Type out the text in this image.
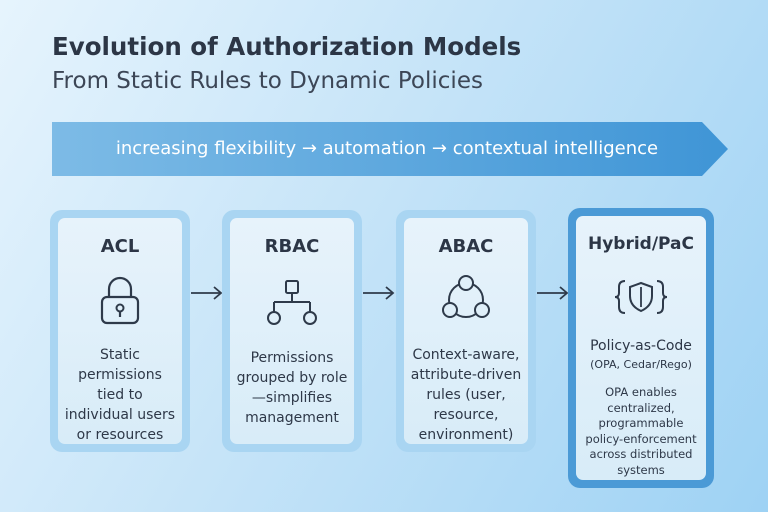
Evolution of Authorization Models
From Static Rules to Dynamic Policies
increasing flexibility → automation → contextual intelligence
ACL
Static
permissions
tied to
individual users
or resources
RBAC
Permissions
grouped by role
—simplifies
management
ABAC
Context-aware,
attribute-driven
rules (user,
resource,
environment)
Hybrid/PaC
Policy-as-Code
(OPA, Cedar/Rego)
OPA enables
centralized,
programmable
policy-enforcement
across distributed
systems
